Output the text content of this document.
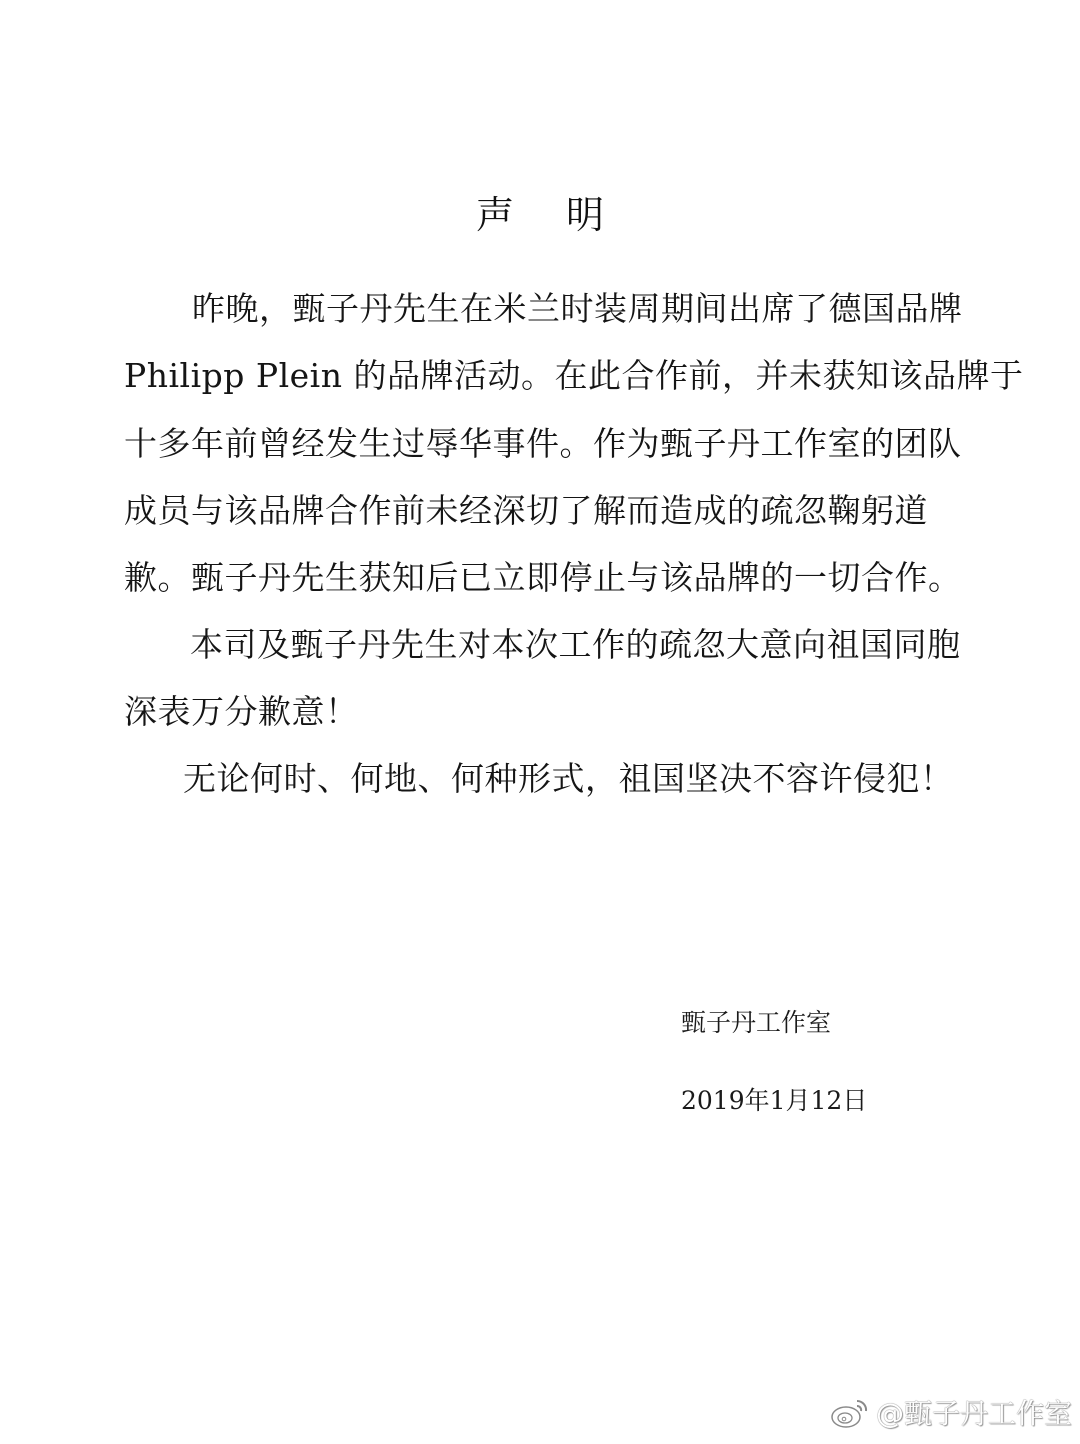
声 明
昨晚，甄子丹先生在米兰时装周期间出席了德国品牌
Philipp Plein 的品牌活动。在此合作前，并未获知该品牌于
十多年前曾经发生过辱华事件。作为甄子丹工作室的团队
成员与该品牌合作前未经深切了解而造成的疏忽鞠躬道
歉。甄子丹先生获知后已立即停止与该品牌的一切合作。
本司及甄子丹先生对本次工作的疏忽大意向祖国同胞
深表万分歉意！
无论何时、何地、何种形式，祖国坚决不容许侵犯！
甄子丹工作室
2019年1月12日
@甄子丹工作室
